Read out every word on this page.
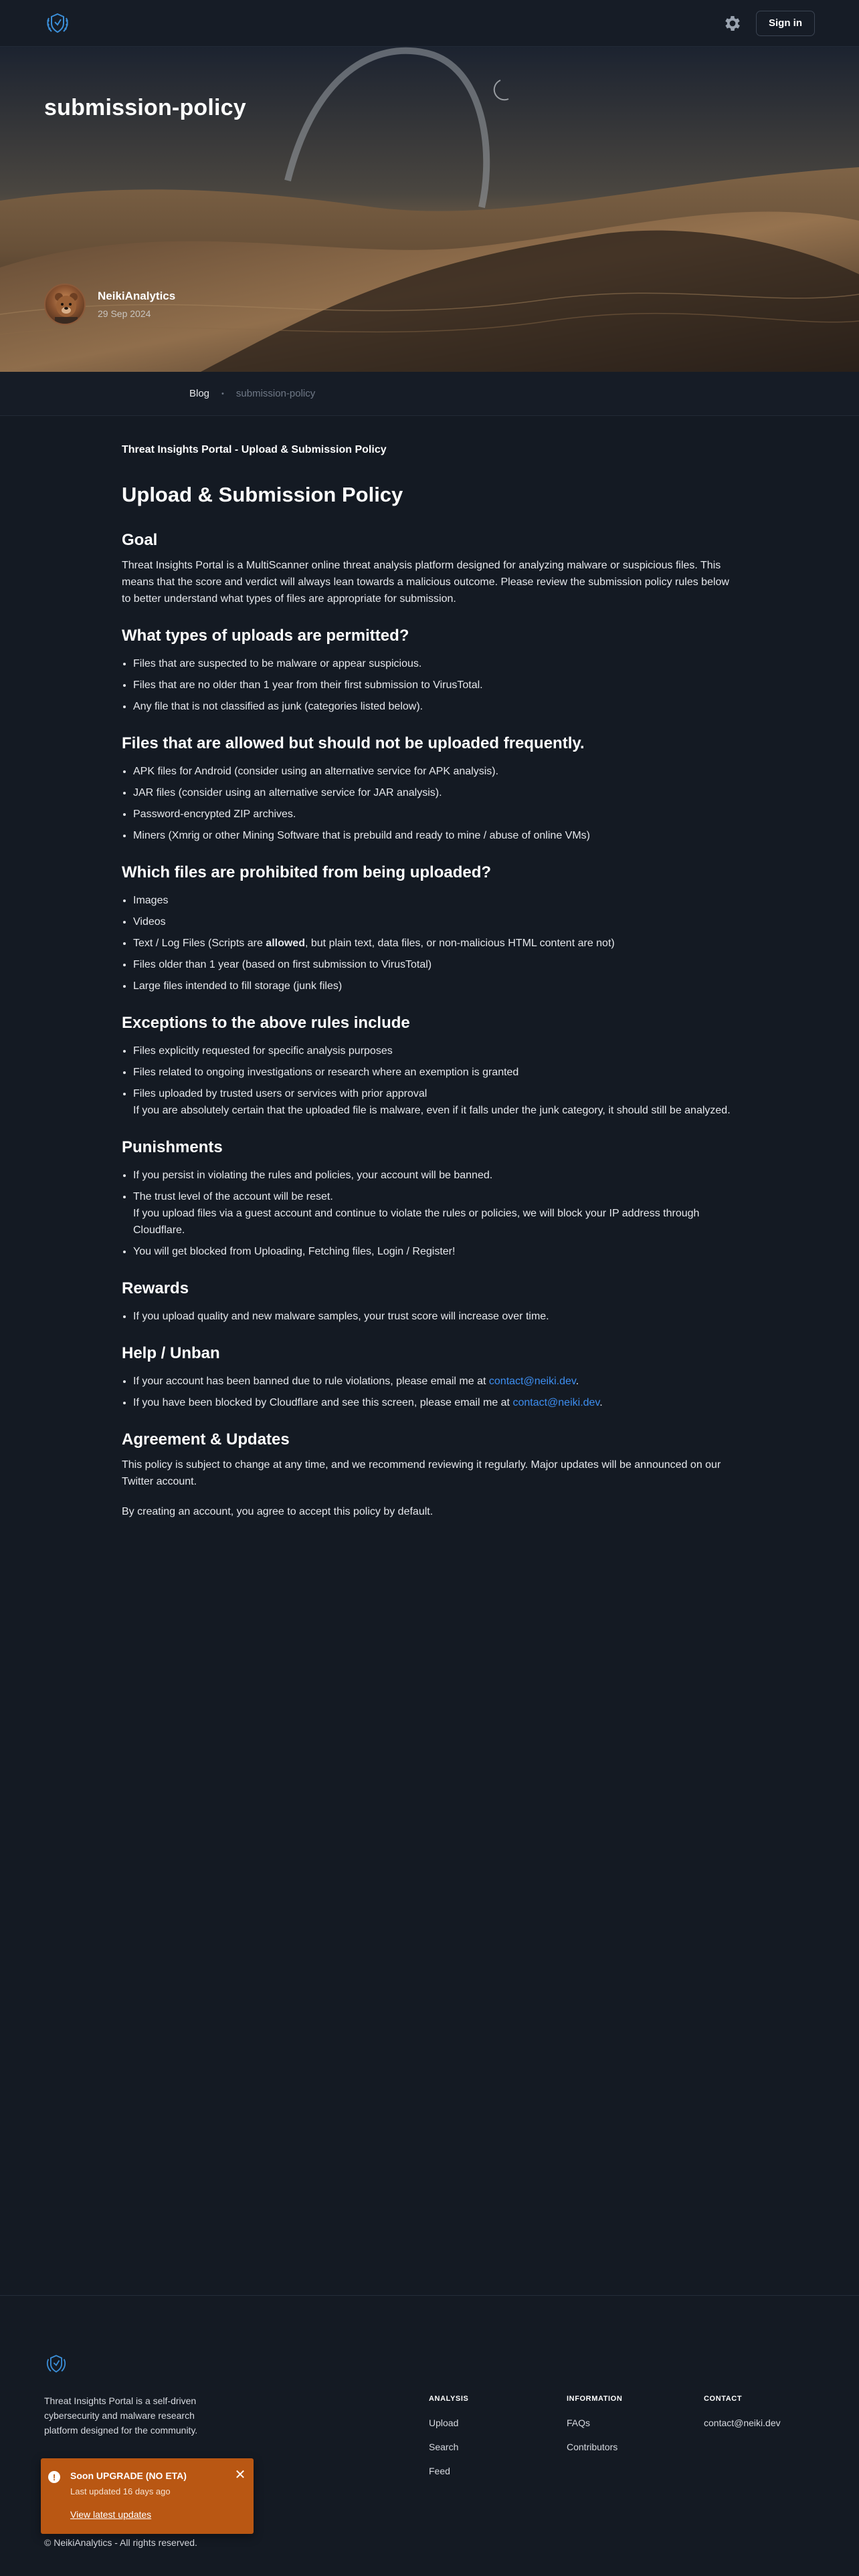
Sign in
submission-policy
NeikiAnalytics
29 Sep 2024
Blog • submission-policy
Threat Insights Portal - Upload & Submission Policy
Upload & Submission Policy
Goal

Threat Insights Portal is a MultiScanner online threat analysis platform designed for analyzing malware or suspicious files. This means that the score and verdict will always lean towards a malicious outcome. Please review the submission policy rules below to better understand what types of files are appropriate for submission.

What types of uploads are permitted?
• Files that are suspected to be malware or appear suspicious.
• Files that are no older than 1 year from their first submission to VirusTotal.
• Any file that is not classified as junk (categories listed below).
Files that are allowed but should not be uploaded frequently.
• APK files for Android (consider using an alternative service for APK analysis).
• JAR files (consider using an alternative service for JAR analysis).
• Password-encrypted ZIP archives.
• Miners (Xmrig or other Mining Software that is prebuild and ready to mine / abuse of online VMs)
Which files are prohibited from being uploaded?
• Images
• Videos
• Text / Log Files (Scripts are allowed, but plain text, data files, or non-malicious HTML content are not)
• Files older than 1 year (based on first submission to VirusTotal)
• Large files intended to fill storage (junk files)
Exceptions to the above rules include
• Files explicitly requested for specific analysis purposes
• Files related to ongoing investigations or research where an exemption is granted
• Files uploaded by trusted users or services with prior approval
If you are absolutely certain that the uploaded file is malware, even if it falls under the junk category, it should still be analyzed.
Punishments
• If you persist in violating the rules and policies, your account will be banned.
• The trust level of the account will be reset.
If you upload files via a guest account and continue to violate the rules or policies, we will block your IP address through Cloudflare.
• You will get blocked from Uploading, Fetching files, Login / Register!
Rewards
• If you upload quality and new malware samples, your trust score will increase over time.
Help / Unban
• If your account has been banned due to rule violations, please email me at contact@neiki.dev.
• If you have been blocked by Cloudflare and see this screen, please email me at contact@neiki.dev.
Agreement & Updates

This policy is subject to change at any time, and we recommend reviewing it regularly. Major updates will be announced on our Twitter account.

By creating an account, you agree to accept this policy by default.

Threat Insights Portal is a self-driven cybersecurity and malware research platform designed for the community.

ANALYSIS
Upload
Search
Feed
INFORMATION
FAQs
Contributors
CONTACT
contact@neiki.dev
© NeikiAnalytics - All rights reserved.
!	Soon UPGRADE (NO ETA)
Last updated 16 days ago
View latest updates
✕
